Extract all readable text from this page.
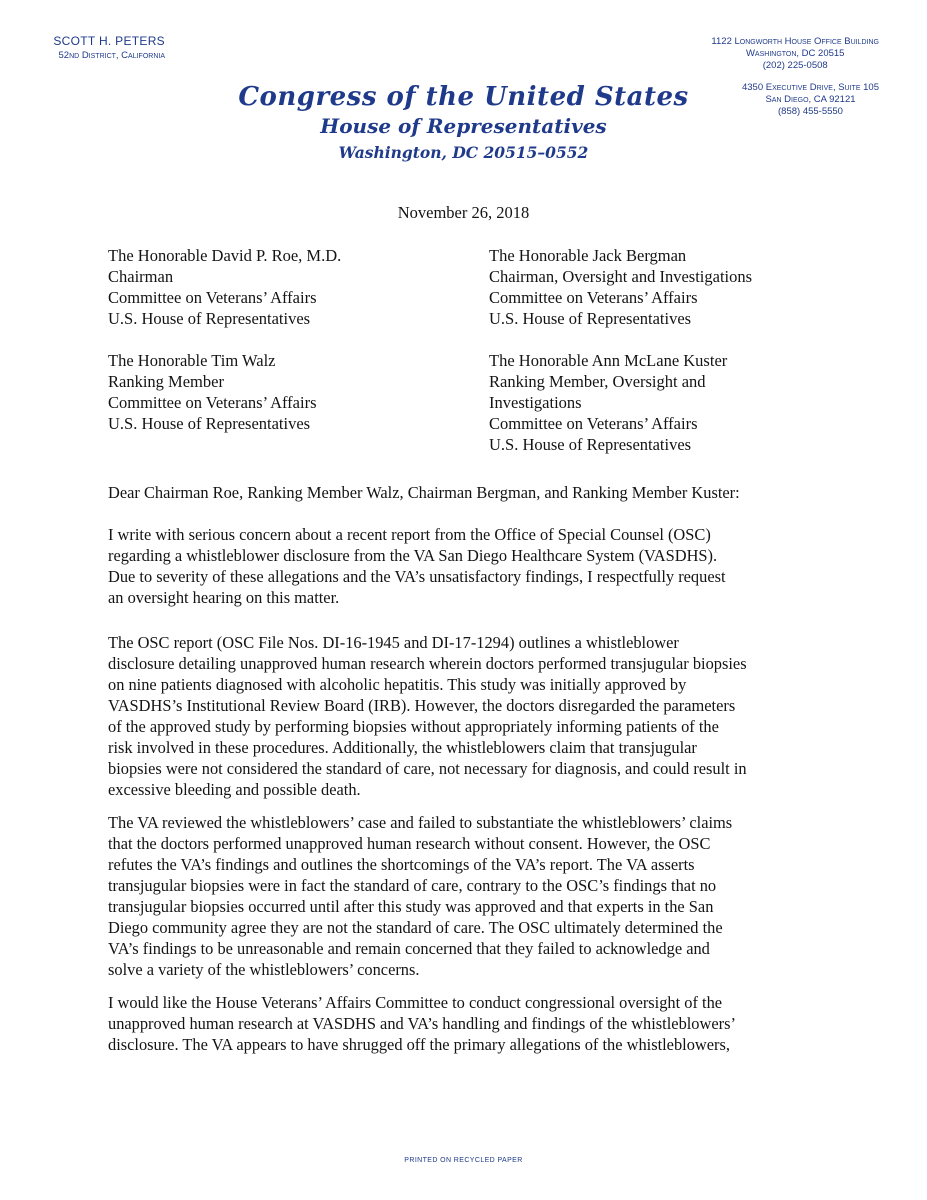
SCOTT H. PETERS
52nd District, California
1122 Longworth House Office Building
Washington, DC 20515
(202) 225-0508
4350 Executive Drive, Suite 105
San Diego, CA 92121
(858) 455-5550
Congress of the United States
House of Representatives
Washington, DC 20515–0552
November 26, 2018
The Honorable David P. Roe, M.D.
Chairman
Committee on Veterans’ Affairs
U.S. House of Representatives
The Honorable Jack Bergman
Chairman, Oversight and Investigations
Committee on Veterans’ Affairs
U.S. House of Representatives
The Honorable Tim Walz
Ranking Member
Committee on Veterans’ Affairs
U.S. House of Representatives
The Honorable Ann McLane Kuster
Ranking Member, Oversight and
Investigations
Committee on Veterans’ Affairs
U.S. House of Representatives
Dear Chairman Roe, Ranking Member Walz, Chairman Bergman, and Ranking Member Kuster:
I write with serious concern about a recent report from the Office of Special Counsel (OSC)
regarding a whistleblower disclosure from the VA San Diego Healthcare System (VASDHS).
Due to severity of these allegations and the VA’s unsatisfactory findings, I respectfully request
an oversight hearing on this matter.
The OSC report (OSC File Nos. DI-16-1945 and DI-17-1294) outlines a whistleblower
disclosure detailing unapproved human research wherein doctors performed transjugular biopsies
on nine patients diagnosed with alcoholic hepatitis. This study was initially approved by
VASDHS’s Institutional Review Board (IRB). However, the doctors disregarded the parameters
of the approved study by performing biopsies without appropriately informing patients of the
risk involved in these procedures. Additionally, the whistleblowers claim that transjugular
biopsies were not considered the standard of care, not necessary for diagnosis, and could result in
excessive bleeding and possible death.
The VA reviewed the whistleblowers’ case and failed to substantiate the whistleblowers’ claims
that the doctors performed unapproved human research without consent. However, the OSC
refutes the VA’s findings and outlines the shortcomings of the VA’s report. The VA asserts
transjugular biopsies were in fact the standard of care, contrary to the OSC’s findings that no
transjugular biopsies occurred until after this study was approved and that experts in the San
Diego community agree they are not the standard of care. The OSC ultimately determined the
VA’s findings to be unreasonable and remain concerned that they failed to acknowledge and
solve a variety of the whistleblowers’ concerns.
I would like the House Veterans’ Affairs Committee to conduct congressional oversight of the
unapproved human research at VASDHS and VA’s handling and findings of the whistleblowers’
disclosure. The VA appears to have shrugged off the primary allegations of the whistleblowers,
PRINTED ON RECYCLED PAPER
